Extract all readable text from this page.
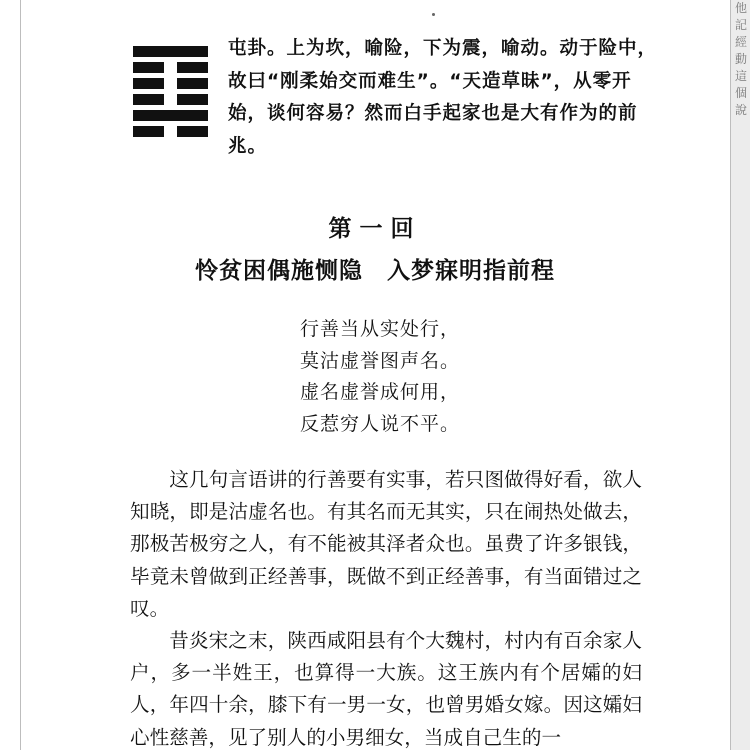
他記經動這個說
屯卦。上为坎，喻险，下为震，喻动。动于险中，故曰“刚柔始交而难生”。“天造草昧”，从零开始，谈何容易？然而白手起家也是大有作为的前兆。
第一回
怜贫困偶施恻隐　入梦寐明指前程
行善当从实处行，
莫沽虚誉图声名。
虚名虚誉成何用，
反惹穷人说不平。

这几句言语讲的行善要有实事，若只图做得好看，欲人知晓，即是沽虚名也。有其名而无其实，只在闹热处做去，那极苦极穷之人，有不能被其泽者众也。虽费了许多银钱，毕竟未曾做到正经善事，既做不到正经善事，有当面错过之叹。

昔炎宋之末，陕西咸阳县有个大魏村，村内有百余家人户，多一半姓王，也算得一大族。这王族内有个居孀的妇人，年四十余，膝下有一男一女，也曾男婚女嫁。因这孀妇心性慈善，见了别人的小男细女，当成自己生的一
